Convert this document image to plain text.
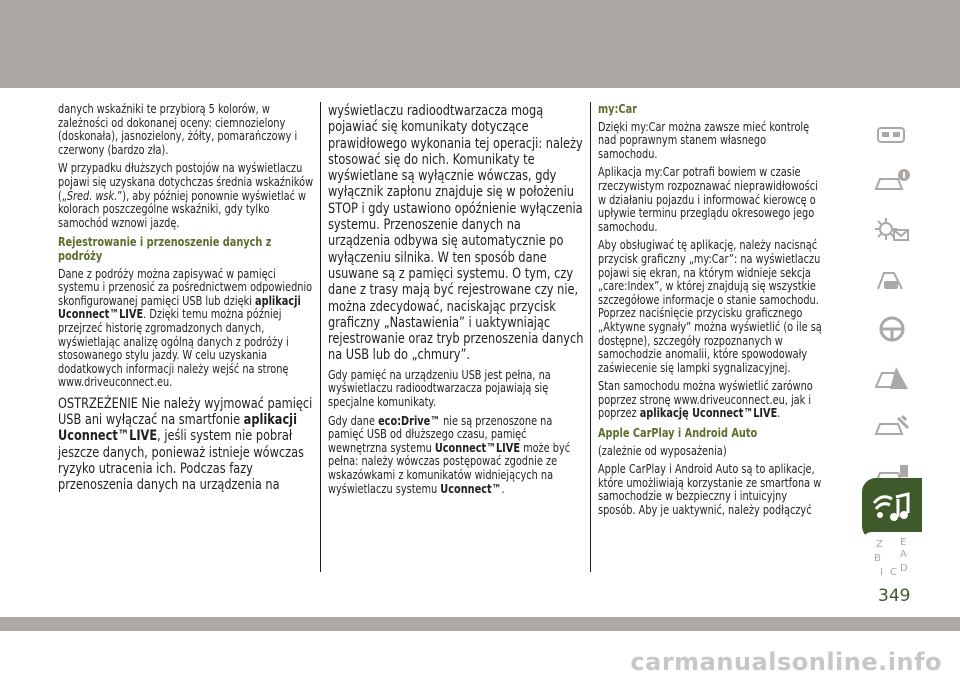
danych wskaźniki te przybiorą 5 kolorów, w zależności od dokonanej oceny: ciemnozielony (doskonała), jasnozielony, żółty, pomarańczowy i czerwony (bardzo zła).

W przypadku dłuższych postojów na wyświetlaczu pojawi się uzyskana dotychczas średnia wskaźników („Śred. wsk.”), aby później ponownie wyświetlać w kolorach poszczególne wskaźniki, gdy tylko samochód wznowi jazdę.

Rejestrowanie i przenoszenie danych z podróży

Dane z podróży można zapisywać w pamięci systemu i przenosić za pośrednictwem odpowiednio skonfigurowanej pamięci USB lub dzięki aplikacji Uconnect™LIVE. Dzięki temu można później przejrzeć historię zgromadzonych danych, wyświetlając analizę ogólną danych z podróży i stosowanego stylu jazdy. W celu uzyskania dodatkowych informacji należy wejść na stronę www.driveuconnect.eu.

OSTRZEŻENIE Nie należy wyjmować pamięci USB ani wyłączać na smartfonie aplikacji Uconnect™LIVE, jeśli system nie pobrał jeszcze danych, ponieważ istnieje wówczas ryzyko utracenia ich. Podczas fazy przenoszenia danych na urządzenia na

wyświetlaczu radioodtwarzacza mogą pojawiać się komunikaty dotyczące prawidłowego wykonania tej operacji: należy stosować się do nich. Komunikaty te wyświetlane są wyłącznie wówczas, gdy wyłącznik zapłonu znajduje się w położeniu STOP i gdy ustawiono opóźnienie wyłączenia systemu. Przenoszenie danych na urządzenia odbywa się automatycznie po wyłączeniu silnika. W ten sposób dane usuwane są z pamięci systemu. O tym, czy dane z trasy mają być rejestrowane czy nie, można zdecydować, naciskając przycisk graficzny „Nastawienia” i uaktywniając rejestrowanie oraz tryb przenoszenia danych na USB lub do „chmury”.

Gdy pamięć na urządzeniu USB jest pełna, na wyświetlaczu radioodtwarzacza pojawiają się specjalne komunikaty.

Gdy dane eco:Drive™ nie są przenoszone na pamięć USB od dłuższego czasu, pamięć wewnętrzna systemu Uconnect™LIVE może być pełna: należy wówczas postępować zgodnie ze wskazówkami z komunikatów widniejących na wyświetlaczu systemu Uconnect™.

my:Car

Dzięki my:Car można zawsze mieć kontrolę nad poprawnym stanem własnego samochodu.

Aplikacja my:Car potrafi bowiem w czasie rzeczywistym rozpoznawać nieprawidłowości w działaniu pojazdu i informować kierowcę o upływie terminu przeglądu okresowego jego samochodu.

Aby obsługiwać tę aplikację, należy nacisnąć przycisk graficzny „my:Car”: na wyświetlaczu pojawi się ekran, na którym widnieje sekcja „care:Index”, w której znajdują się wszystkie szczegółowe informacje o stanie samochodu. Poprzez naciśnięcie przycisku graficznego „Aktywne sygnały” można wyświetlić (o ile są dostępne), szczegóły rozpoznanych w samochodzie anomalii, które spowodowały zaświecenie się lampki sygnalizacyjnej.

Stan samochodu można wyświetlić zarówno poprzez stronę www.driveuconnect.eu, jak i poprzez aplikację Uconnect™LIVE.

Apple CarPlay i Android Auto

(zależnie od wyposażenia)

Apple CarPlay i Android Auto są to aplikacje, które umożliwiają korzystanie ze smartfona w samochodzie w bezpieczny i intuicyjny sposób. Aby je uaktywnić, należy podłączyć

Z E
A
B
D
I C
349
carmanualsonline.info
